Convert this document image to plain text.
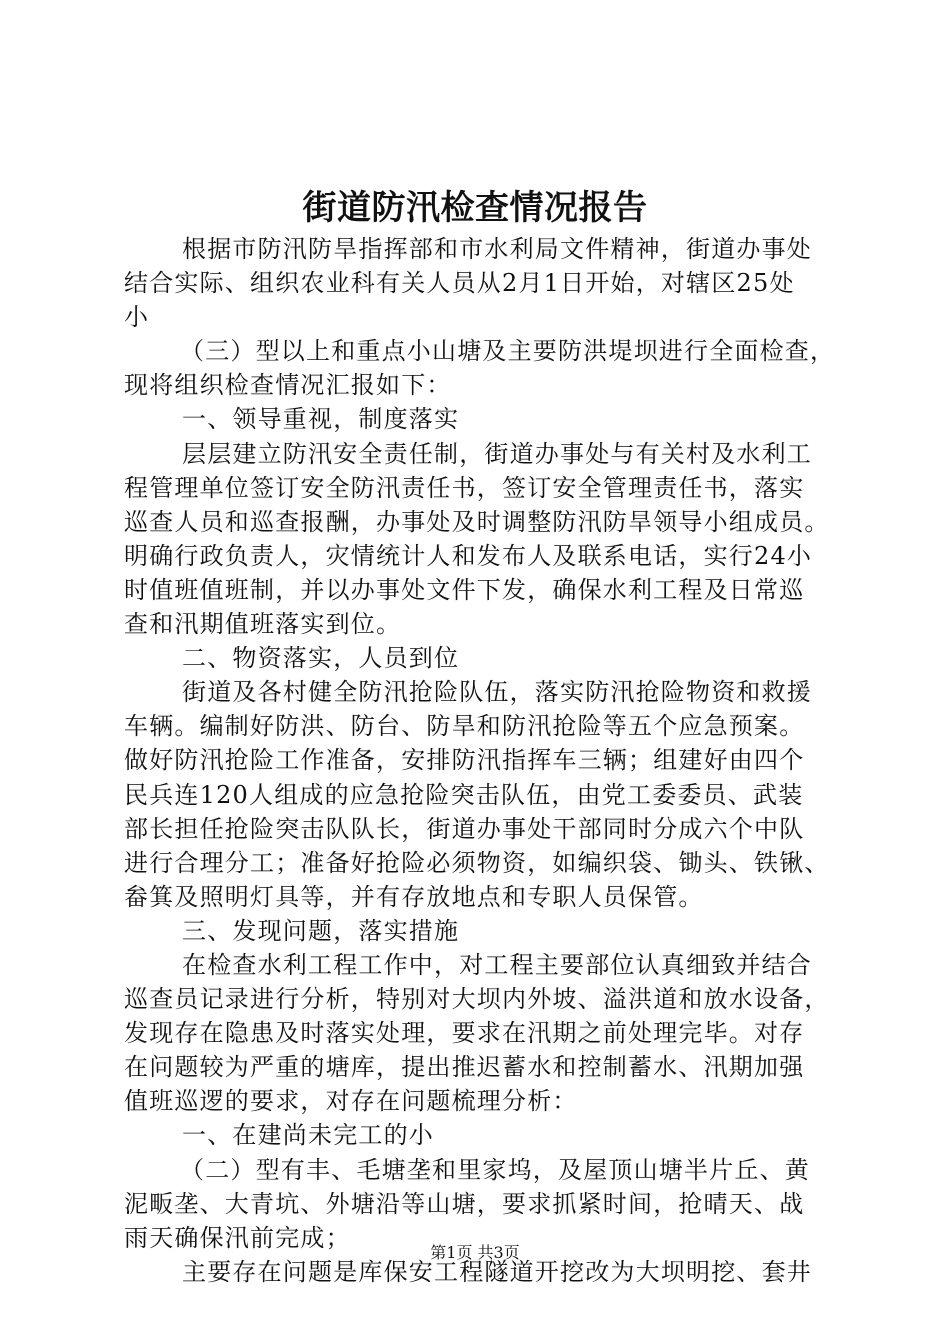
街道防汛检查情况报告
根据市防汛防旱指挥部和市水利局文件精神，街道办事处
结合实际、组织农业科有关人员从2月1日开始，对辖区25处
小
（三）型以上和重点小山塘及主要防洪堤坝进行全面检查，
现将组织检查情况汇报如下：
一、领导重视，制度落实
层层建立防汛安全责任制，街道办事处与有关村及水利工
程管理单位签订安全防汛责任书，签订安全管理责任书，落实
巡查人员和巡查报酬，办事处及时调整防汛防旱领导小组成员。
明确行政负责人，灾情统计人和发布人及联系电话，实行24小
时值班值班制，并以办事处文件下发，确保水利工程及日常巡
查和汛期值班落实到位。
二、物资落实，人员到位
街道及各村健全防汛抢险队伍，落实防汛抢险物资和救援
车辆。编制好防洪、防台、防旱和防汛抢险等五个应急预案。
做好防汛抢险工作准备，安排防汛指挥车三辆；组建好由四个
民兵连120人组成的应急抢险突击队伍，由党工委委员、武装
部长担任抢险突击队队长，街道办事处干部同时分成六个中队
进行合理分工；准备好抢险必须物资，如编织袋、锄头、铁锹、
畚箕及照明灯具等，并有存放地点和专职人员保管。
三、发现问题，落实措施
在检查水利工程工作中，对工程主要部位认真细致并结合
巡查员记录进行分析，特别对大坝内外坡、溢洪道和放水设备，
发现存在隐患及时落实处理，要求在汛期之前处理完毕。对存
在问题较为严重的塘库，提出推迟蓄水和控制蓄水、汛期加强
值班巡逻的要求，对存在问题梳理分析：
一、在建尚未完工的小
（二）型有丰、毛塘垄和里家坞，及屋顶山塘半片丘、黄
泥畈垄、大青坑、外塘沿等山塘，要求抓紧时间，抢晴天、战
雨天确保汛前完成；
主要存在问题是库保安工程隧道开挖改为大坝明挖、套井
第1页 共3页
